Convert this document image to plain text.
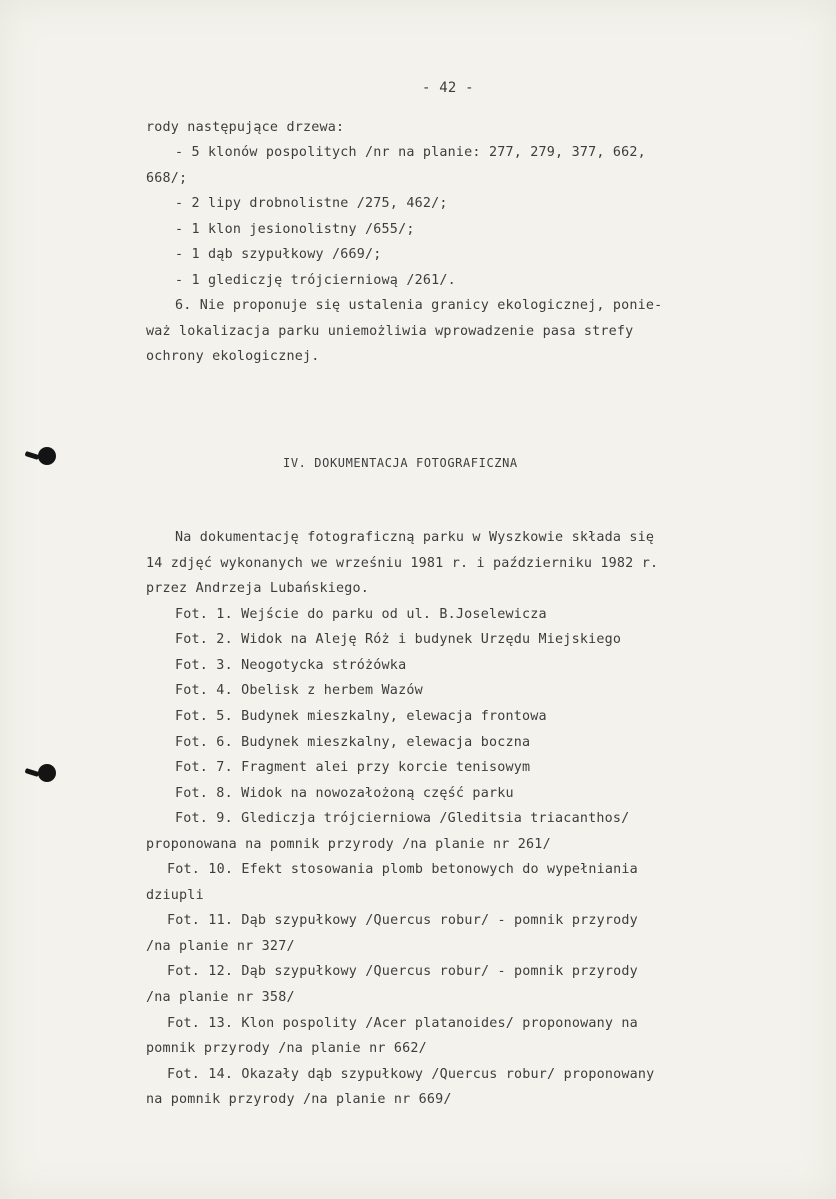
- 42 -
rody następujące drzewa:
- 5 klonów pospolitych /nr na planie: 277, 279, 377, 662,
668/;
- 2 lipy drobnolistne /275, 462/;
- 1 klon jesionolistny /655/;
- 1 dąb szypułkowy /669/;
- 1 glediczję trójcierniową /261/.
6. Nie proponuje się ustalenia granicy ekologicznej, ponie-
waż lokalizacja parku uniemożliwia wprowadzenie pasa strefy
ochrony ekologicznej.
IV. DOKUMENTACJA FOTOGRAFICZNA
Na dokumentację fotograficzną parku w Wyszkowie składa się
14 zdjęć wykonanych we wrześniu 1981 r. i październiku 1982 r.
przez Andrzeja Lubańskiego.
Fot. 1. Wejście do parku od ul. B.Joselewicza
Fot. 2. Widok na Aleję Róż i budynek Urzędu Miejskiego
Fot. 3. Neogotycka stróżówka
Fot. 4. Obelisk z herbem Wazów
Fot. 5. Budynek mieszkalny, elewacja frontowa
Fot. 6. Budynek mieszkalny, elewacja boczna
Fot. 7. Fragment alei przy korcie tenisowym
Fot. 8. Widok na nowozałożoną część parku
Fot. 9. Glediczja trójcierniowa /Gleditsia triacanthos/
proponowana na pomnik przyrody /na planie nr 261/
Fot. 10. Efekt stosowania plomb betonowych do wypełniania
dziupli
Fot. 11. Dąb szypułkowy /Quercus robur/ - pomnik przyrody
/na planie nr 327/
Fot. 12. Dąb szypułkowy /Quercus robur/ - pomnik przyrody
/na planie nr 358/
Fot. 13. Klon pospolity /Acer platanoides/ proponowany na
pomnik przyrody /na planie nr 662/
Fot. 14. Okazały dąb szypułkowy /Quercus robur/ proponowany
na pomnik przyrody /na planie nr 669/
